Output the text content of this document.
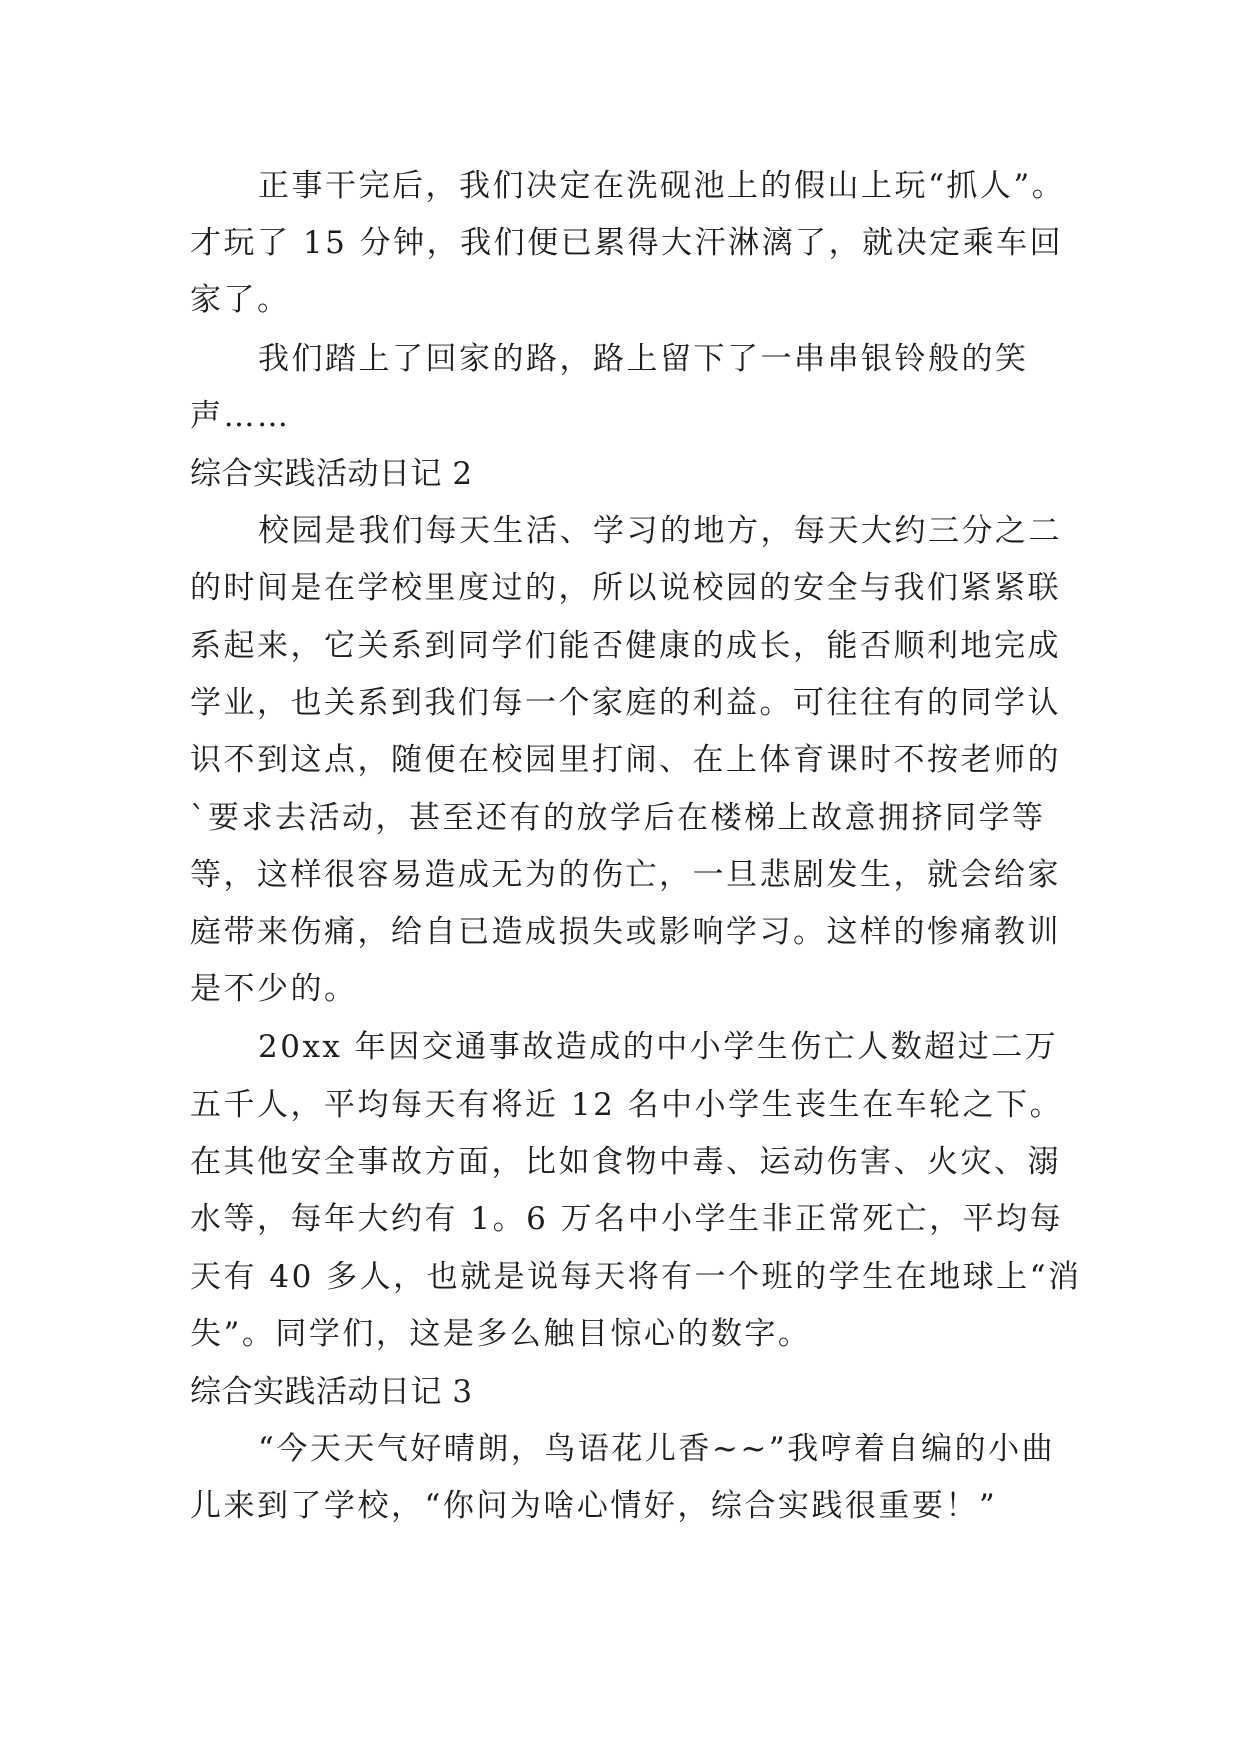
正事干完后，我们决定在洗砚池上的假山上玩“抓人”。
才玩了 15 分钟，我们便已累得大汗淋漓了，就决定乘车回
家了。
我们踏上了回家的路，路上留下了一串串银铃般的笑
声……
综合实践活动日记 2
校园是我们每天生活、学习的地方，每天大约三分之二
的时间是在学校里度过的，所以说校园的安全与我们紧紧联
系起来，它关系到同学们能否健康的成长，能否顺利地完成
学业，也关系到我们每一个家庭的利益。可往往有的同学认
识不到这点，随便在校园里打闹、在上体育课时不按老师的
`要求去活动，甚至还有的放学后在楼梯上故意拥挤同学等
等，这样很容易造成无为的伤亡，一旦悲剧发生，就会给家
庭带来伤痛，给自已造成损失或影响学习。这样的惨痛教训
是不少的。
20xx 年因交通事故造成的中小学生伤亡人数超过二万
五千人，平均每天有将近 12 名中小学生丧生在车轮之下。
在其他安全事故方面，比如食物中毒、运动伤害、火灾、溺
水等，每年大约有 1。6 万名中小学生非正常死亡，平均每
天有 40 多人，也就是说每天将有一个班的学生在地球上“消
失”。同学们，这是多么触目惊心的数字。
综合实践活动日记 3
“今天天气好晴朗，鸟语花儿香~~”我哼着自编的小曲
儿来到了学校，“你问为啥心情好，综合实践很重要！”
